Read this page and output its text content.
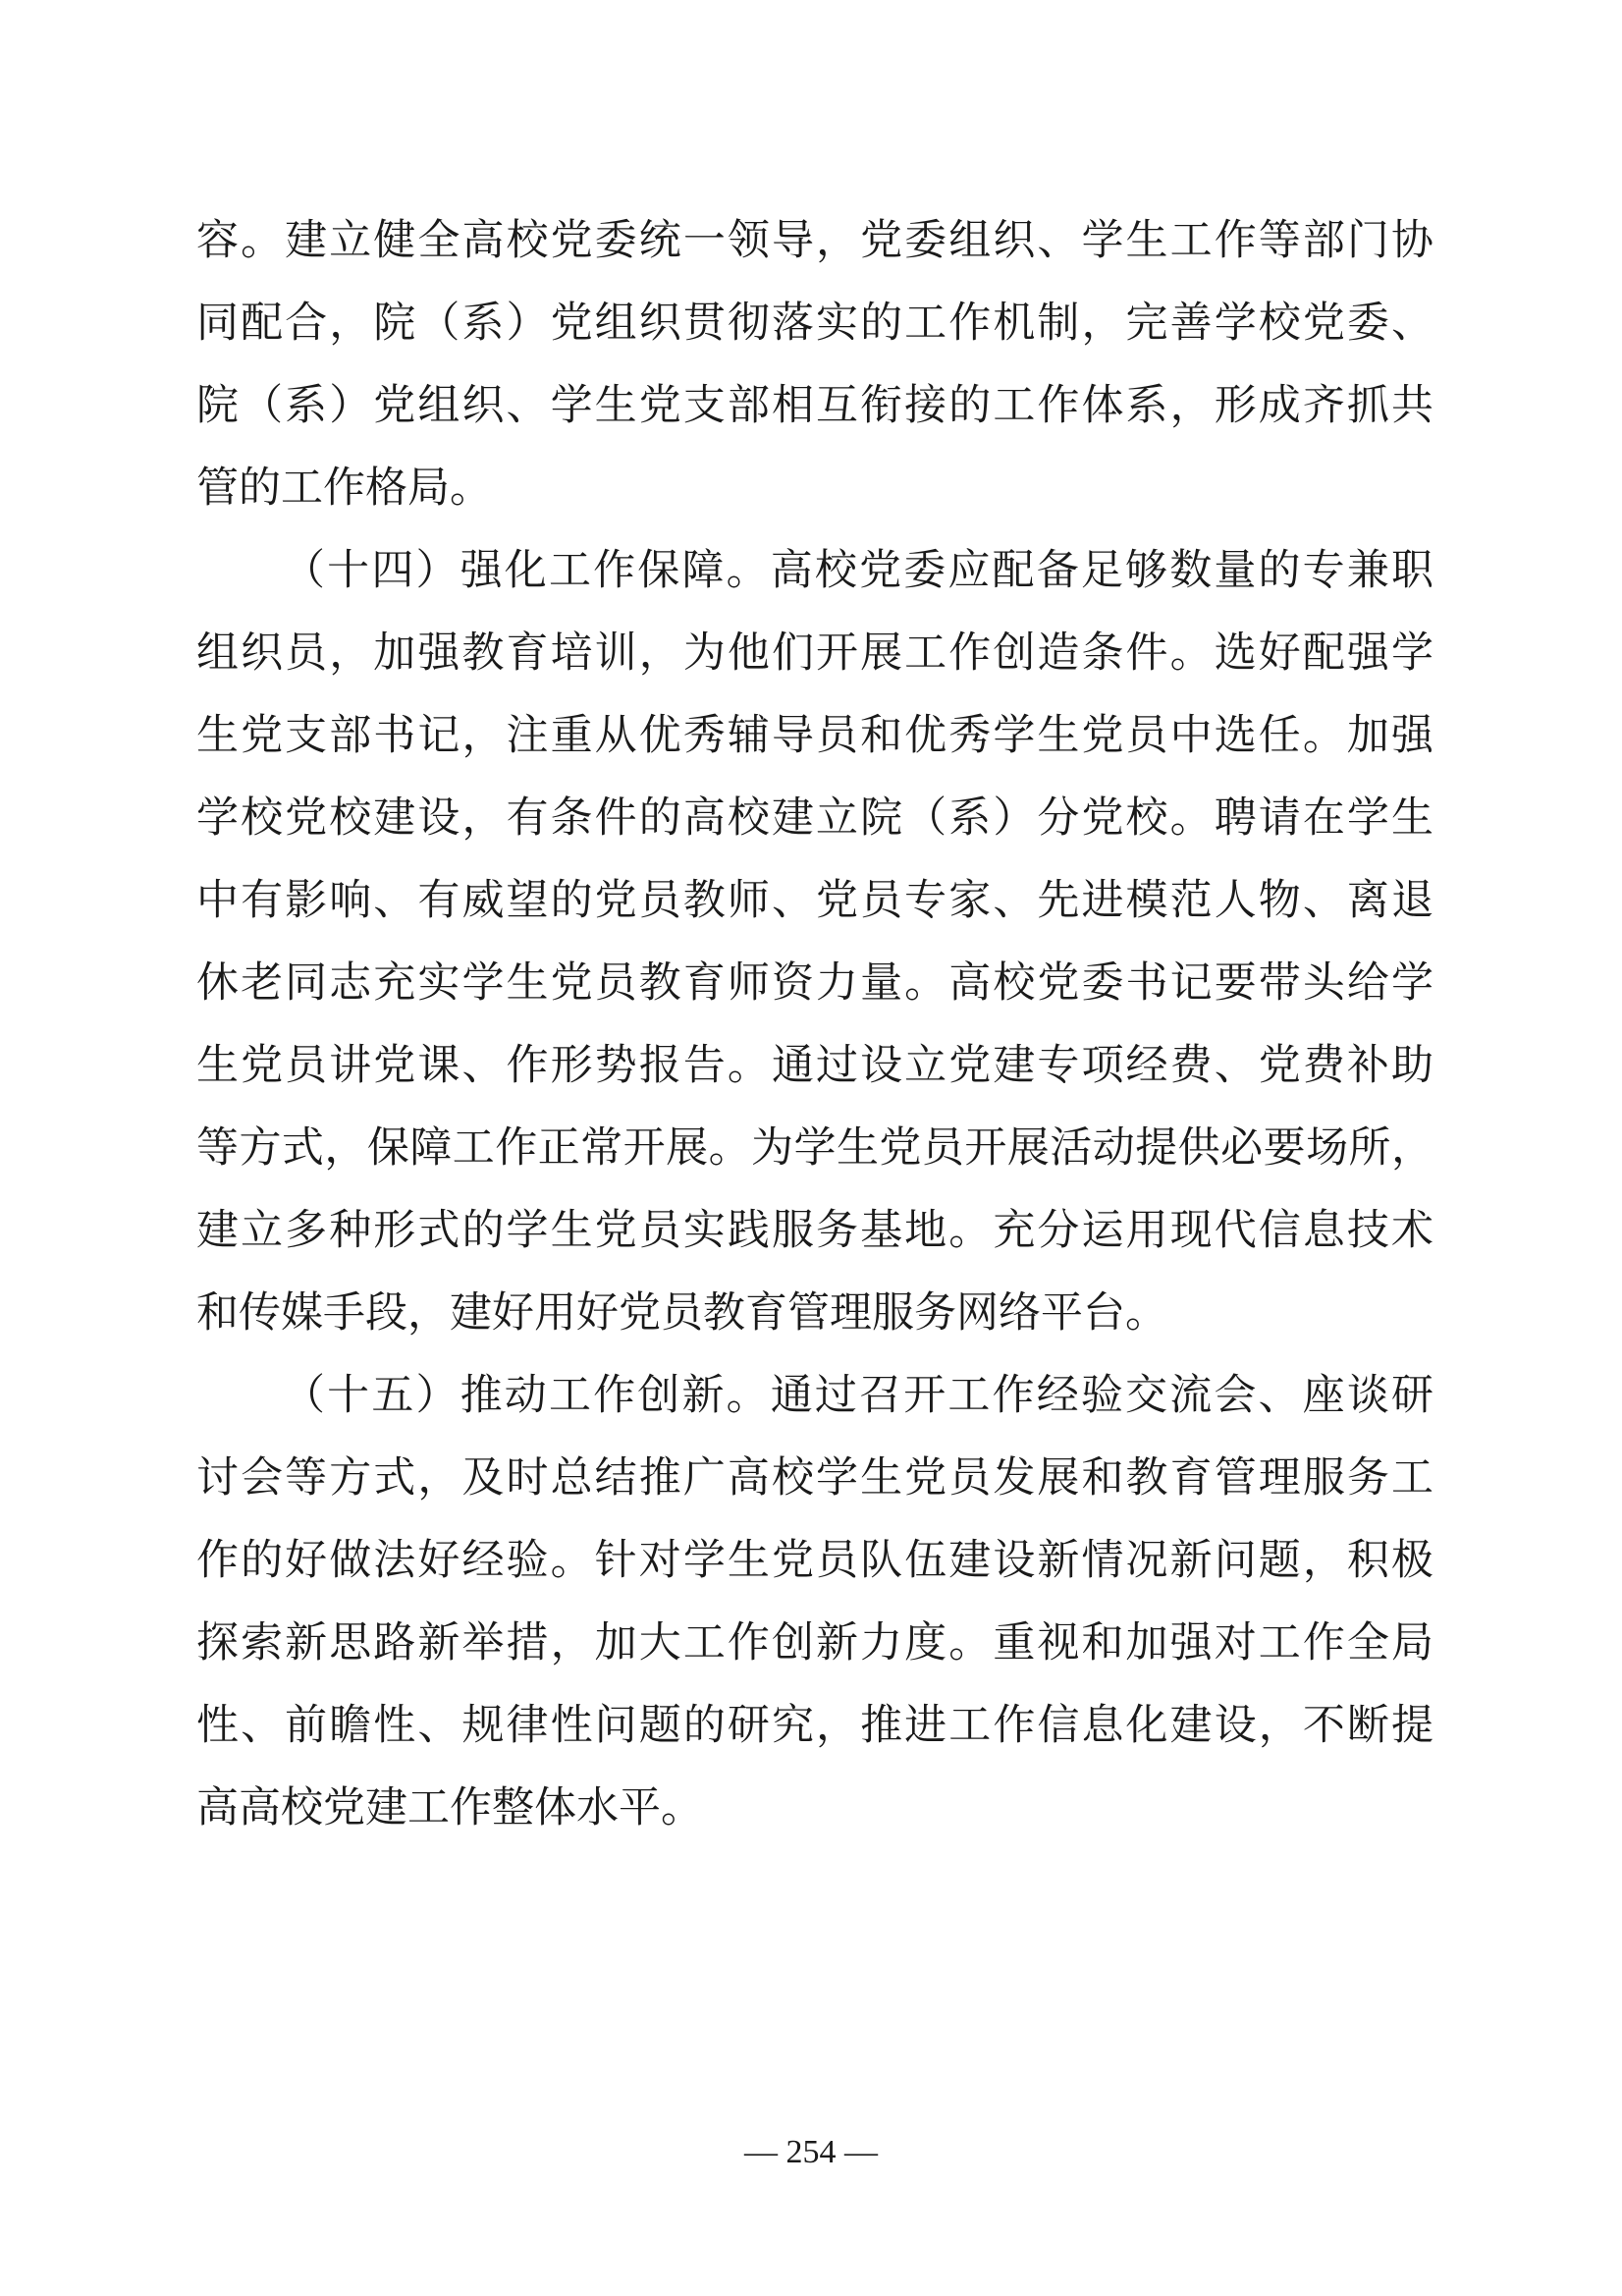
容。建立健全高校党委统一领导，党委组织、学生工作等部门协
同配合，院（系）党组织贯彻落实的工作机制，完善学校党委、
院（系）党组织、学生党支部相互衔接的工作体系，形成齐抓共
管的工作格局。
（十四）强化工作保障。高校党委应配备足够数量的专兼职
组织员，加强教育培训，为他们开展工作创造条件。选好配强学
生党支部书记，注重从优秀辅导员和优秀学生党员中选任。加强
学校党校建设，有条件的高校建立院（系）分党校。聘请在学生
中有影响、有威望的党员教师、党员专家、先进模范人物、离退
休老同志充实学生党员教育师资力量。高校党委书记要带头给学
生党员讲党课、作形势报告。通过设立党建专项经费、党费补助
等方式，保障工作正常开展。为学生党员开展活动提供必要场所，
建立多种形式的学生党员实践服务基地。充分运用现代信息技术
和传媒手段，建好用好党员教育管理服务网络平台。
（十五）推动工作创新。通过召开工作经验交流会、座谈研
讨会等方式，及时总结推广高校学生党员发展和教育管理服务工
作的好做法好经验。针对学生党员队伍建设新情况新问题，积极
探索新思路新举措，加大工作创新力度。重视和加强对工作全局
性、前瞻性、规律性问题的研究，推进工作信息化建设，不断提
高高校党建工作整体水平。
— 254 —
